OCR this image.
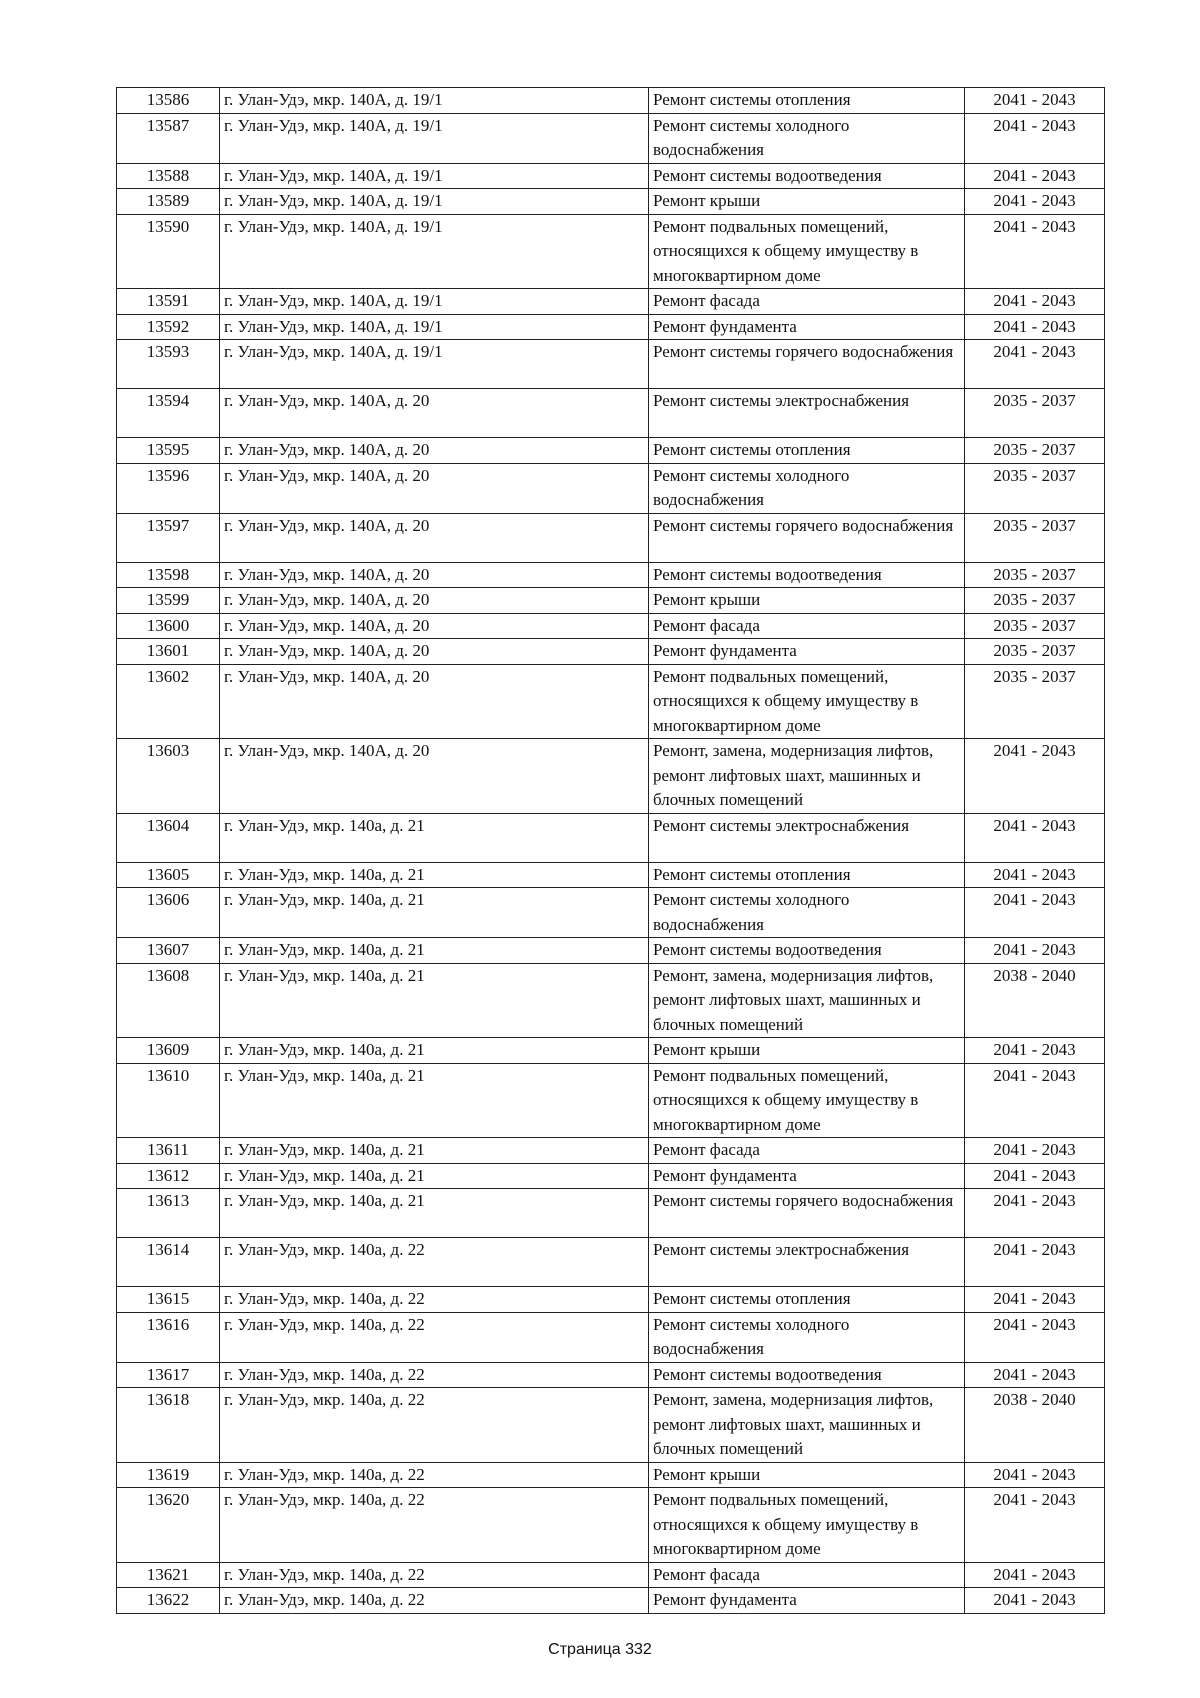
13586	г. Улан-Удэ, мкр. 140А, д. 19/1	Ремонт системы отопления	2041 - 2043
13587	г. Улан-Удэ, мкр. 140А, д. 19/1	Ремонт системы холодного водоснабжения	2041 - 2043
13588	г. Улан-Удэ, мкр. 140А, д. 19/1	Ремонт системы водоотведения	2041 - 2043
13589	г. Улан-Удэ, мкр. 140А, д. 19/1	Ремонт крыши	2041 - 2043
13590	г. Улан-Удэ, мкр. 140А, д. 19/1	Ремонт подвальных помещений, относящихся к общему имуществу в многоквартирном доме	2041 - 2043
13591	г. Улан-Удэ, мкр. 140А, д. 19/1	Ремонт фасада	2041 - 2043
13592	г. Улан-Удэ, мкр. 140А, д. 19/1	Ремонт фундамента	2041 - 2043
13593	г. Улан-Удэ, мкр. 140А, д. 19/1	Ремонт системы горячего водоснабжения	2041 - 2043
13594	г. Улан-Удэ, мкр. 140А, д. 20	Ремонт системы электроснабжения	2035 - 2037
13595	г. Улан-Удэ, мкр. 140А, д. 20	Ремонт системы отопления	2035 - 2037
13596	г. Улан-Удэ, мкр. 140А, д. 20	Ремонт системы холодного водоснабжения	2035 - 2037
13597	г. Улан-Удэ, мкр. 140А, д. 20	Ремонт системы горячего водоснабжения	2035 - 2037
13598	г. Улан-Удэ, мкр. 140А, д. 20	Ремонт системы водоотведения	2035 - 2037
13599	г. Улан-Удэ, мкр. 140А, д. 20	Ремонт крыши	2035 - 2037
13600	г. Улан-Удэ, мкр. 140А, д. 20	Ремонт фасада	2035 - 2037
13601	г. Улан-Удэ, мкр. 140А, д. 20	Ремонт фундамента	2035 - 2037
13602	г. Улан-Удэ, мкр. 140А, д. 20	Ремонт подвальных помещений, относящихся к общему имуществу в многоквартирном доме	2035 - 2037
13603	г. Улан-Удэ, мкр. 140А, д. 20	Ремонт, замена, модернизация лифтов, ремонт лифтовых шахт, машинных и блочных помещений	2041 - 2043
13604	г. Улан-Удэ, мкр. 140а, д. 21	Ремонт системы электроснабжения	2041 - 2043
13605	г. Улан-Удэ, мкр. 140а, д. 21	Ремонт системы отопления	2041 - 2043
13606	г. Улан-Удэ, мкр. 140а, д. 21	Ремонт системы холодного водоснабжения	2041 - 2043
13607	г. Улан-Удэ, мкр. 140а, д. 21	Ремонт системы водоотведения	2041 - 2043
13608	г. Улан-Удэ, мкр. 140а, д. 21	Ремонт, замена, модернизация лифтов, ремонт лифтовых шахт, машинных и блочных помещений	2038 - 2040
13609	г. Улан-Удэ, мкр. 140а, д. 21	Ремонт крыши	2041 - 2043
13610	г. Улан-Удэ, мкр. 140а, д. 21	Ремонт подвальных помещений, относящихся к общему имуществу в многоквартирном доме	2041 - 2043
13611	г. Улан-Удэ, мкр. 140а, д. 21	Ремонт фасада	2041 - 2043
13612	г. Улан-Удэ, мкр. 140а, д. 21	Ремонт фундамента	2041 - 2043
13613	г. Улан-Удэ, мкр. 140а, д. 21	Ремонт системы горячего водоснабжения	2041 - 2043
13614	г. Улан-Удэ, мкр. 140а, д. 22	Ремонт системы электроснабжения	2041 - 2043
13615	г. Улан-Удэ, мкр. 140а, д. 22	Ремонт системы отопления	2041 - 2043
13616	г. Улан-Удэ, мкр. 140а, д. 22	Ремонт системы холодного водоснабжения	2041 - 2043
13617	г. Улан-Удэ, мкр. 140а, д. 22	Ремонт системы водоотведения	2041 - 2043
13618	г. Улан-Удэ, мкр. 140а, д. 22	Ремонт, замена, модернизация лифтов, ремонт лифтовых шахт, машинных и блочных помещений	2038 - 2040
13619	г. Улан-Удэ, мкр. 140а, д. 22	Ремонт крыши	2041 - 2043
13620	г. Улан-Удэ, мкр. 140а, д. 22	Ремонт подвальных помещений, относящихся к общему имуществу в многоквартирном доме	2041 - 2043
13621	г. Улан-Удэ, мкр. 140а, д. 22	Ремонт фасада	2041 - 2043
13622	г. Улан-Удэ, мкр. 140а, д. 22	Ремонт фундамента	2041 - 2043
Страница 332
